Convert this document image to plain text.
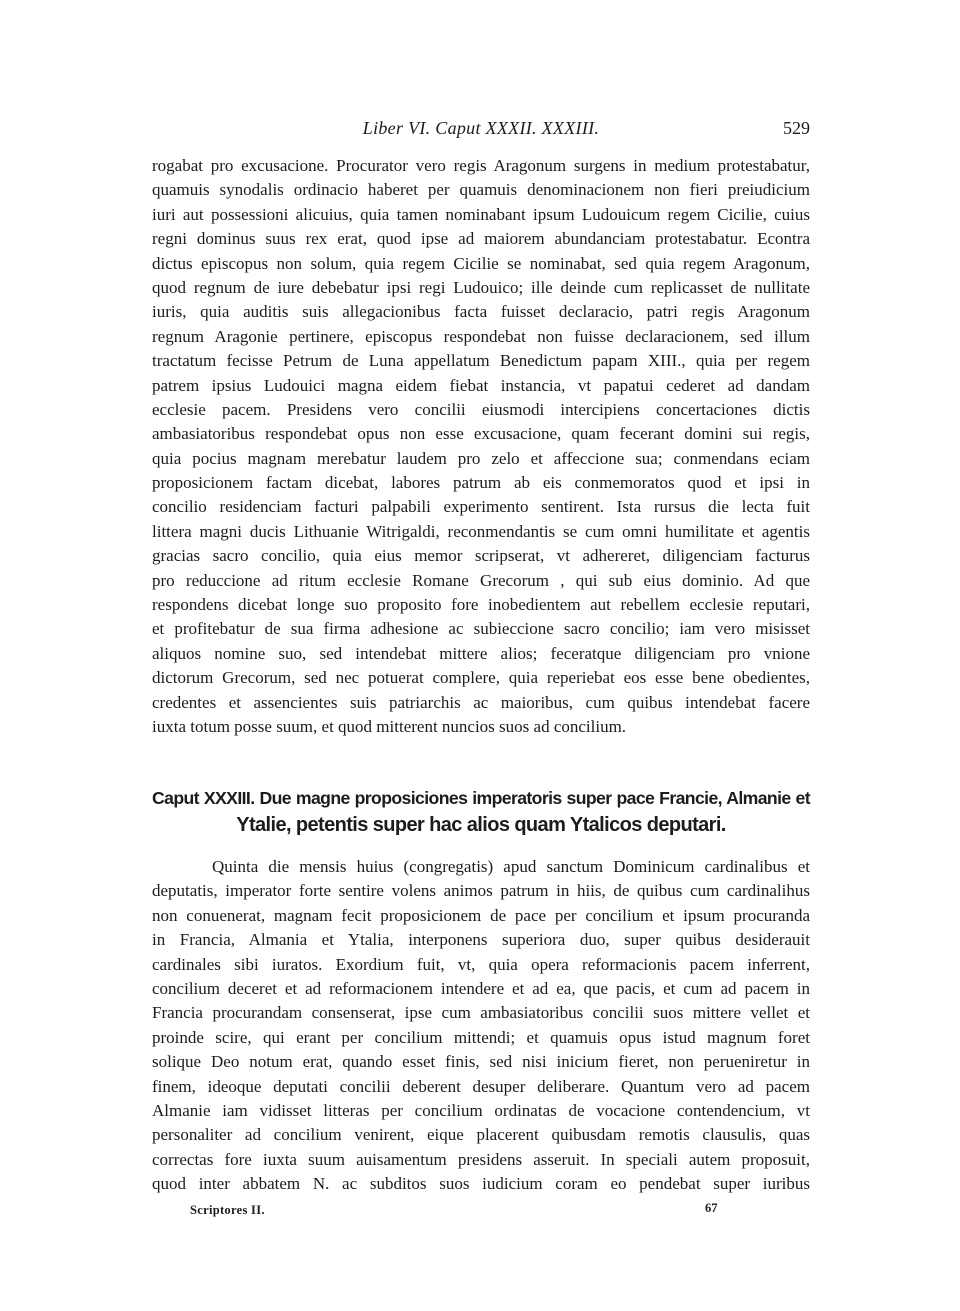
Liber VI. Caput XXXII. XXXIII.	529
rogabat pro excusacione. Procurator vero regis Aragonum surgens in medium protestabatur,
quamuis synodalis ordinacio haberet per quamuis denominacionem non fieri preiudicium
iuri aut possessioni alicuius, quia tamen nominabant ipsum Ludouicum regem Cicilie, cuius
regni dominus suus rex erat, quod ipse ad maiorem abundanciam protestabatur. Econtra
dictus episcopus non solum, quia regem Cicilie se nominabat, sed quia regem Aragonum,
quod regnum de iure debebatur ipsi regi Ludouico; ille deinde cum replicasset de nullitate
iuris, quia auditis suis allegacionibus facta fuisset declaracio, patri regis Aragonum
regnum Aragonie pertinere, episcopus respondebat non fuisse declaracionem, sed illum
tractatum fecisse Petrum de Luna appellatum Benedictum papam XIII., quia per regem
patrem ipsius Ludouici magna eidem fiebat instancia, vt papatui cederet ad dandam
ecclesie pacem. Presidens vero concilii eiusmodi intercipiens concertaciones dictis
ambasiatoribus respondebat opus non esse excusacione, quam fecerant domini sui regis,
quia pocius magnam merebatur laudem pro zelo et affeccione sua; conmendans eciam
proposicionem factam dicebat, labores patrum ab eis conmemoratos quod et ipsi in
concilio residenciam facturi palpabili experimento sentirent. Ista rursus die lecta fuit
littera magni ducis Lithuanie Witrigaldi, reconmendantis se cum omni humilitate et agentis
gracias sacro concilio, quia eius memor scripserat, vt adhereret, diligenciam facturus
pro reduccione ad ritum ecclesie Romane Grecorum , qui sub eius dominio. Ad que
respondens dicebat longe suo proposito fore inobedientem aut rebellem ecclesie reputari,
et profitebatur de sua firma adhesione ac subieccione sacro concilio; iam vero misisset
aliquos nomine suo, sed intendebat mittere alios; feceratque diligenciam pro vnione
dictorum Grecorum, sed nec potuerat complere, quia reperiebat eos esse bene obedientes,
credentes et assencientes suis patriarchis ac maioribus, cum quibus intendebat facere
iuxta totum posse suum, et quod mitterent nuncios suos ad concilium.
Caput XXXIII. Due magne proposiciones imperatoris super pace Francie, Almanie et
Ytalie, petentis super hac alios quam Ytalicos deputari.
Quinta die mensis huius (congregatis) apud sanctum Dominicum cardinalibus et
deputatis, imperator forte sentire volens animos patrum in hiis, de quibus cum cardinalihus
non conuenerat, magnam fecit proposicionem de pace per concilium et ipsum procuranda
in Francia, Almania et Ytalia, interponens superiora duo, super quibus desiderauit
cardinales sibi iuratos. Exordium fuit, vt, quia opera reformacionis pacem inferrent,
concilium deceret et ad reformacionem intendere et ad ea, que pacis, et cum ad pacem in
Francia procurandam consenserat, ipse cum ambasiatoribus concilii suos mittere vellet et
proinde scire, qui erant per concilium mittendi; et quamuis opus istud magnum foret
solique Deo notum erat, quando esset finis, sed nisi inicium fieret, non perueniretur in
finem, ideoque deputati concilii deberent desuper deliberare. Quantum vero ad pacem
Almanie iam vidisset litteras per concilium ordinatas de vocacione contendencium, vt
personaliter ad concilium venirent, eique placerent quibusdam remotis clausulis, quas
correctas fore iuxta suum auisamentum presidens asseruit. In speciali autem proposuit,
quod inter abbatem N. ac subditos suos iudicium coram eo pendebat super iuribus
Scriptores II.	67
